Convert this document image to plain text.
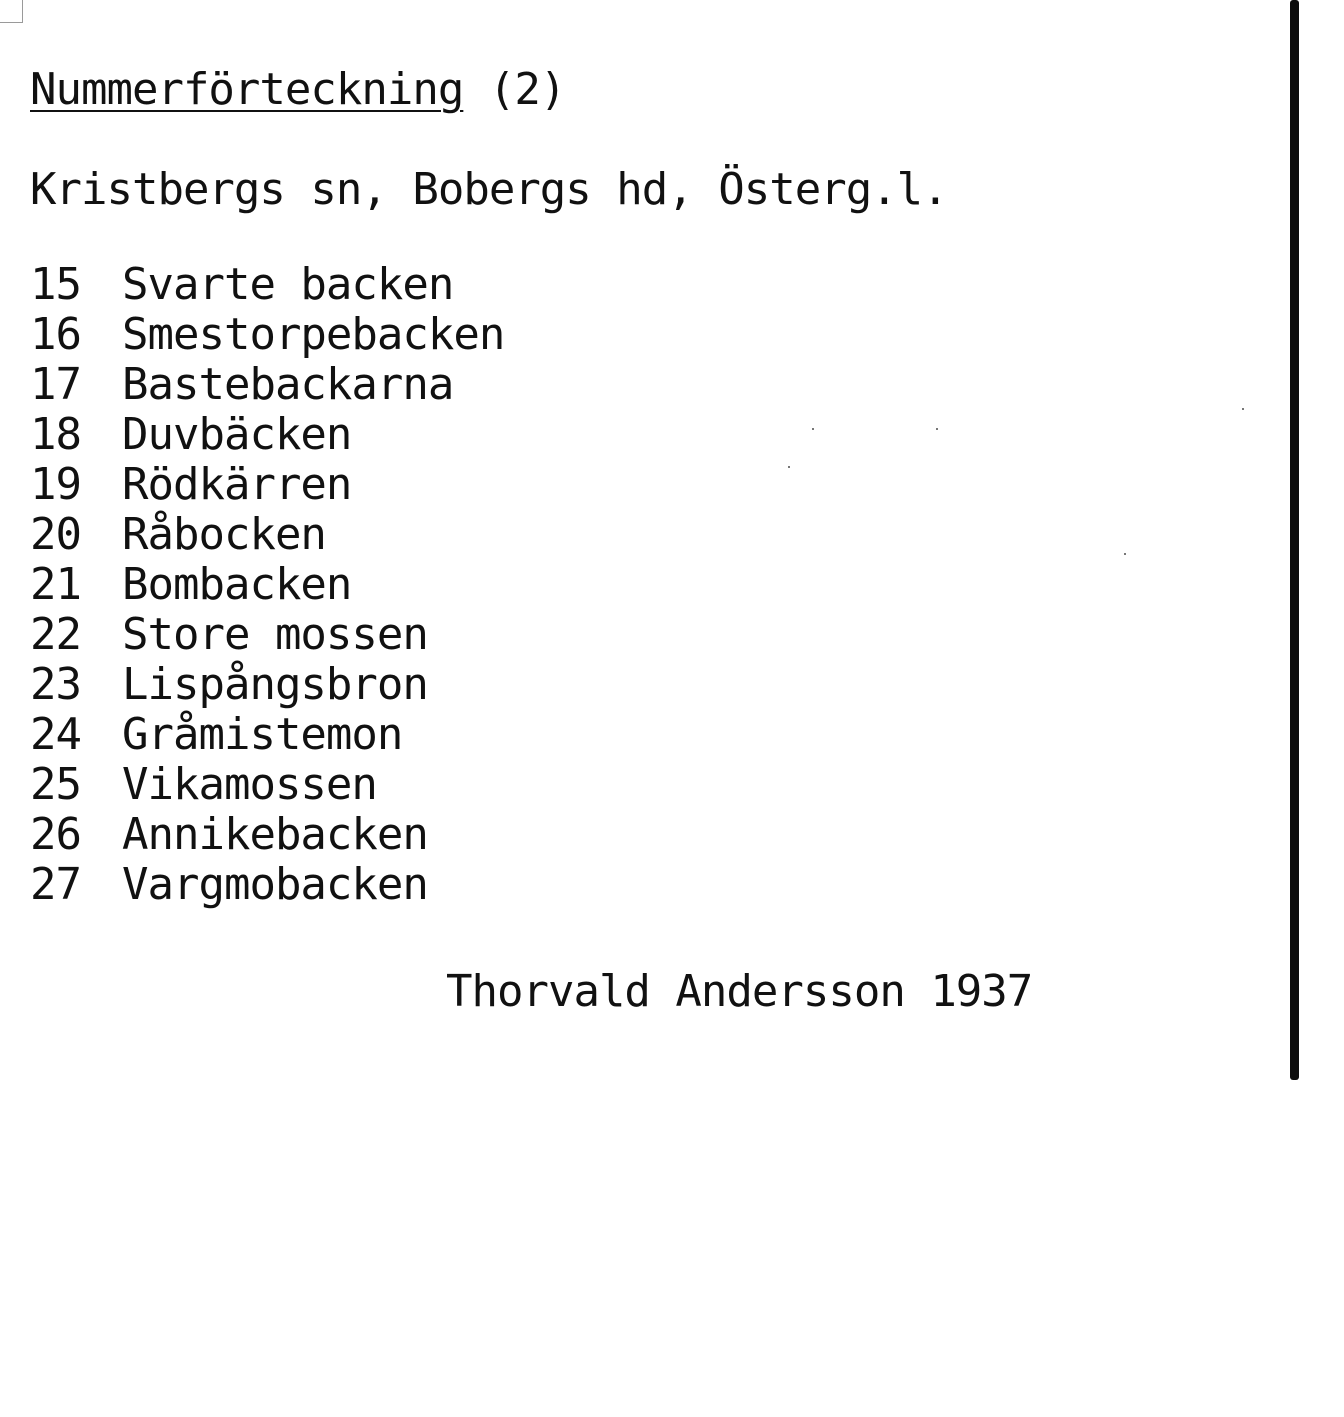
Nummerförteckning (2)
Kristbergs sn, Bobergs hd, Österg.l.
15 Svarte backen
16 Smestorpebacken
17 Bastebackarna
18 Duvbäcken
19 Rödkärren
20 Råbocken
21 Bombacken
22 Store mossen
23 Lispångsbron
24 Gråmistemon
25 Vikamossen
26 Annikebacken
27 Vargmobacken
Thorvald Andersson 1937
